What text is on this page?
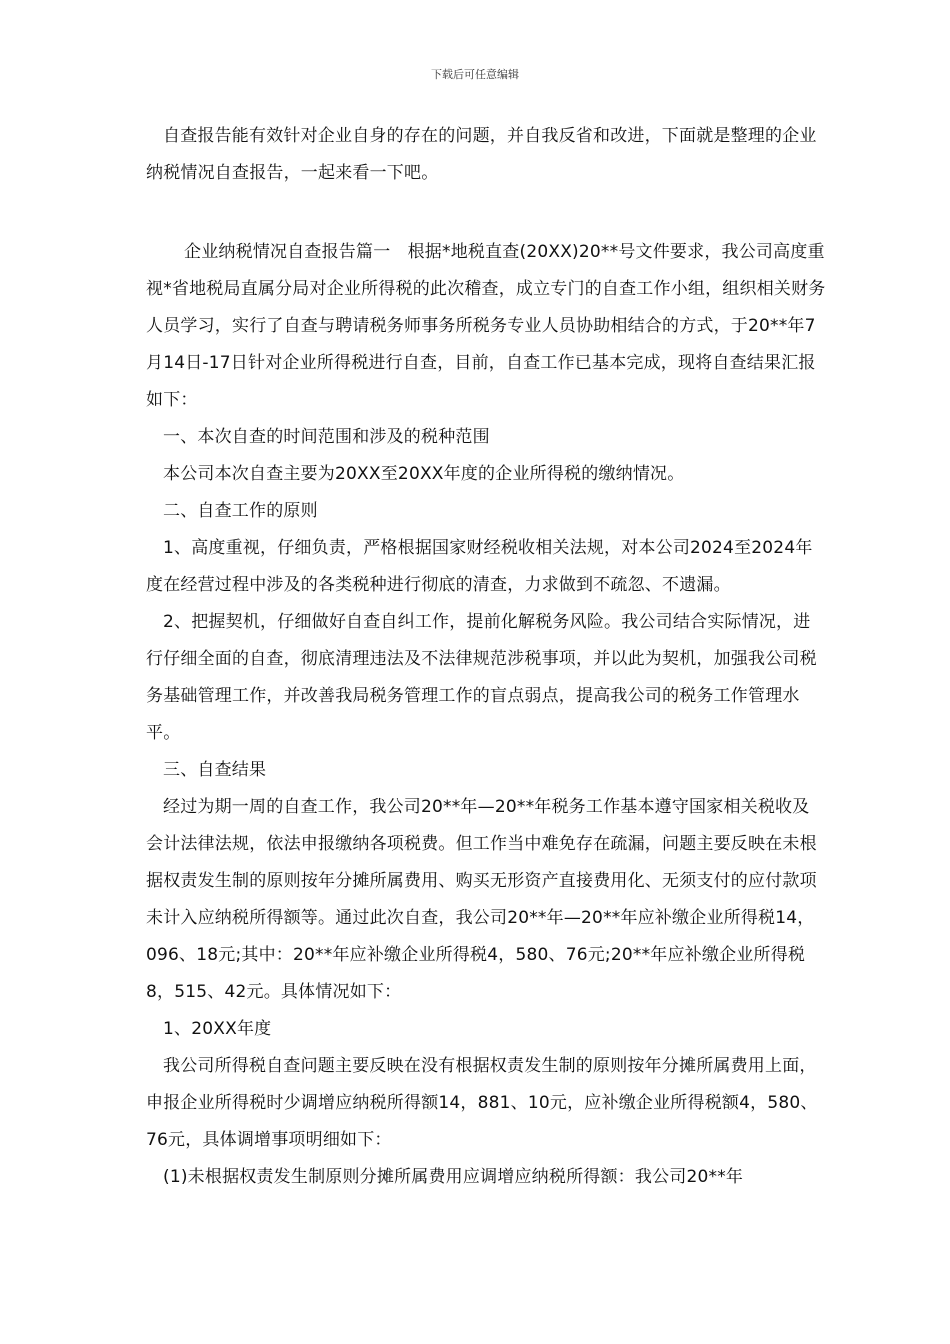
下载后可任意编辑

自查报告能有效针对企业自身的存在的问题，并自我反省和改进，下面就是整理的企业纳税情况自查报告，一起来看一下吧。

企业纳税情况自查报告篇一　根据*地税直查(20XX)20**号文件要求，我公司高度重视*省地税局直属分局对企业所得税的此次稽查，成立专门的自查工作小组，组织相关财务人员学习，实行了自查与聘请税务师事务所税务专业人员协助相结合的方式，于20**年7月14日-17日针对企业所得税进行自查，目前，自查工作已基本完成，现将自查结果汇报如下：

一、本次自查的时间范围和涉及的税种范围

本公司本次自查主要为20XX至20XX年度的企业所得税的缴纳情况。

二、自查工作的原则

1、高度重视，仔细负责，严格根据国家财经税收相关法规，对本公司2024至2024年度在经营过程中涉及的各类税种进行彻底的清查，力求做到不疏忽、不遗漏。

2、把握契机，仔细做好自查自纠工作，提前化解税务风险。我公司结合实际情况，进行仔细全面的自查，彻底清理违法及不法律规范涉税事项，并以此为契机，加强我公司税务基础管理工作，并改善我局税务管理工作的盲点弱点，提高我公司的税务工作管理水平。

三、自查结果

经过为期一周的自查工作，我公司20**年—20**年税务工作基本遵守国家相关税收及会计法律法规，依法申报缴纳各项税费。但工作当中难免存在疏漏，问题主要反映在未根据权责发生制的原则按年分摊所属费用、购买无形资产直接费用化、无须支付的应付款项未计入应纳税所得额等。通过此次自查，我公司20**年—20**年应补缴企业所得税14，096、18元;其中：20**年应补缴企业所得税4，580、76元;20**年应补缴企业所得税8，515、42元。具体情况如下：

1、20XX年度

我公司所得税自查问题主要反映在没有根据权责发生制的原则按年分摊所属费用上面，申报企业所得税时少调增应纳税所得额14，881、10元，应补缴企业所得税额4，580、76元，具体调增事项明细如下：

(1)未根据权责发生制原则分摊所属费用应调增应纳税所得额：我公司20**年
